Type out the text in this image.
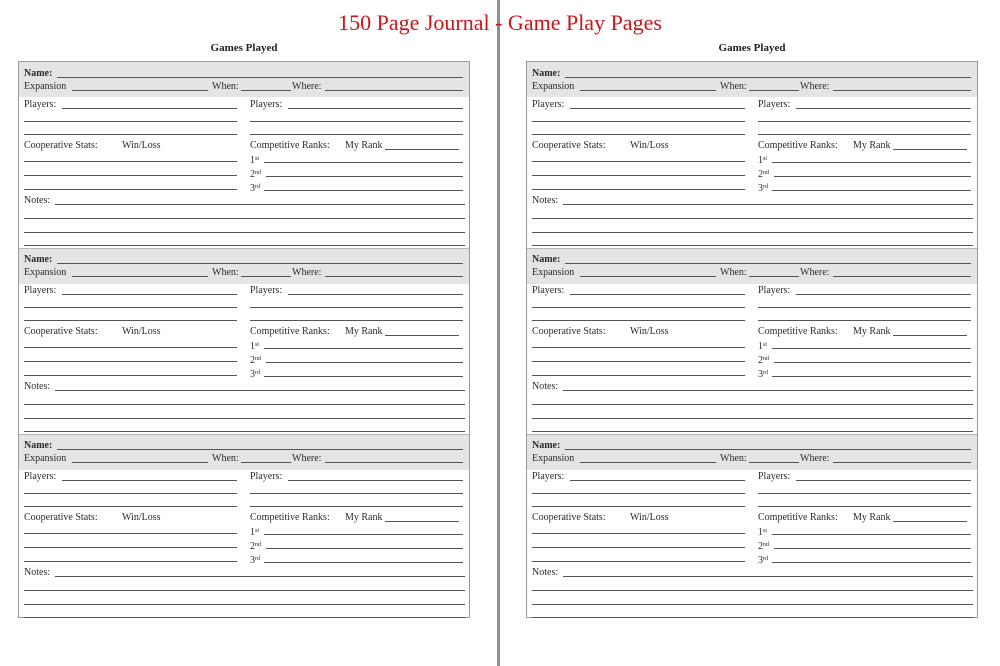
150 Page Journal - Game Play Pages
Games Played
Name:
Expansion	When:	Where:
Players:	Players:
Cooperative Stats: Win/Loss	Competitive Ranks: My Rank
1st
2nd
3rd
Notes:
Name:
Expansion	When:	Where:
Players:	Players:
Cooperative Stats: Win/Loss	Competitive Ranks: My Rank
1st
2nd
3rd
Notes:
Name:
Expansion	When:	Where:
Players:	Players:
Cooperative Stats: Win/Loss	Competitive Ranks: My Rank
1st
2nd
3rd
Notes:
Games Played
Name:
Expansion	When:	Where:
Players:	Players:
Cooperative Stats: Win/Loss	Competitive Ranks: My Rank
1st
2nd
3rd
Notes:
Name:
Expansion	When:	Where:
Players:	Players:
Cooperative Stats: Win/Loss	Competitive Ranks: My Rank
1st
2nd
3rd
Notes:
Name:
Expansion	When:	Where:
Players:	Players:
Cooperative Stats: Win/Loss	Competitive Ranks: My Rank
1st
2nd
3rd
Notes:
